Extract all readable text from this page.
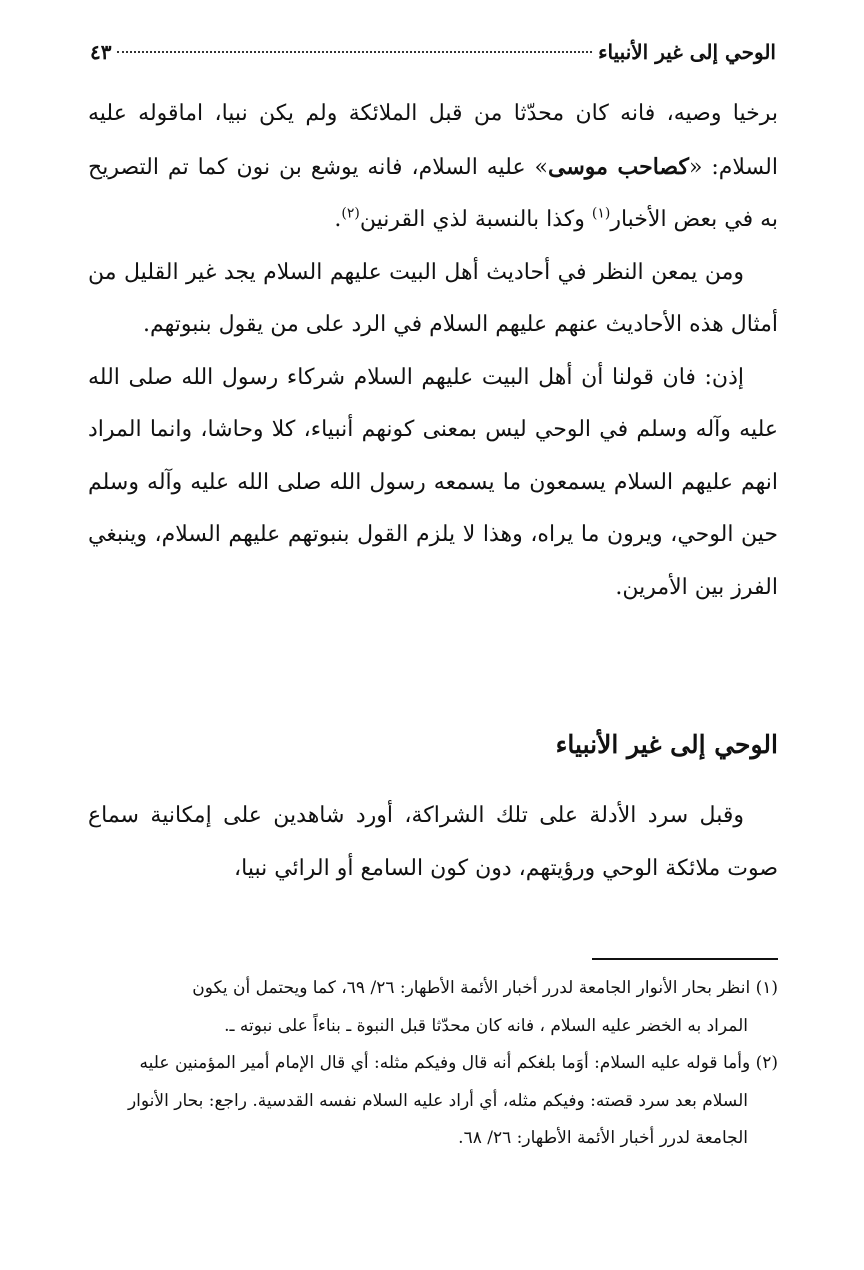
الوحي إلى غير الأنبياء
٤٣

برخيا وصيه، فانه كان محدّثا من قبل الملائكة ولم يكن نبيا، اماقوله عليه السلام: «كصاحب موسى» عليه السلام، فانه يوشع بن نون كما تم التصريح به في بعض الأخبار$^{(١)}$ وكذا بالنسبة لذي القرنين$^{(٢)}$.

ومن يمعن النظر في أحاديث أهل البيت عليهم السلام يجد غير القليل من أمثال هذه الأحاديث عنهم عليهم السلام في الرد على من يقول بنبوتهم.

إذن: فان قولنا أن أهل البيت عليهم السلام شركاء رسول الله صلى الله عليه وآله وسلم في الوحي ليس بمعنى كونهم أنبياء، كلا وحاشا، وانما المراد انهم عليهم السلام يسمعون ما يسمعه رسول الله صلى الله عليه وآله وسلم حين الوحي، ويرون ما يراه، وهذا لا يلزم القول بنبوتهم عليهم السلام، وينبغي الفرز بين الأمرين.

الوحي إلى غير الأنبياء

وقبل سرد الأدلة على تلك الشراكة، أورد شاهدين على إمكانية سماع صوت ملائكة الوحي ورؤيتهم، دون كون السامع أو الرائي نبيا،

(١) انظر بحار الأنوار الجامعة لدرر أخبار الأئمة الأطهار: ٢٦/ ٦٩، كما ويحتمل أن يكون
المراد به الخضر عليه السلام ، فانه كان محدّثا قبل النبوة ـ بناءاً على نبوته ـ.
(٢) وأما قوله عليه السلام: أوَما بلغكم أنه قال وفيكم مثله: أي قال الإمام أمير المؤمنين عليه
السلام بعد سرد قصته: وفيكم مثله، أي أراد عليه السلام نفسه القدسية. راجع: بحار الأنوار
الجامعة لدرر أخبار الأئمة الأطهار: ٢٦/ ٦٨.
